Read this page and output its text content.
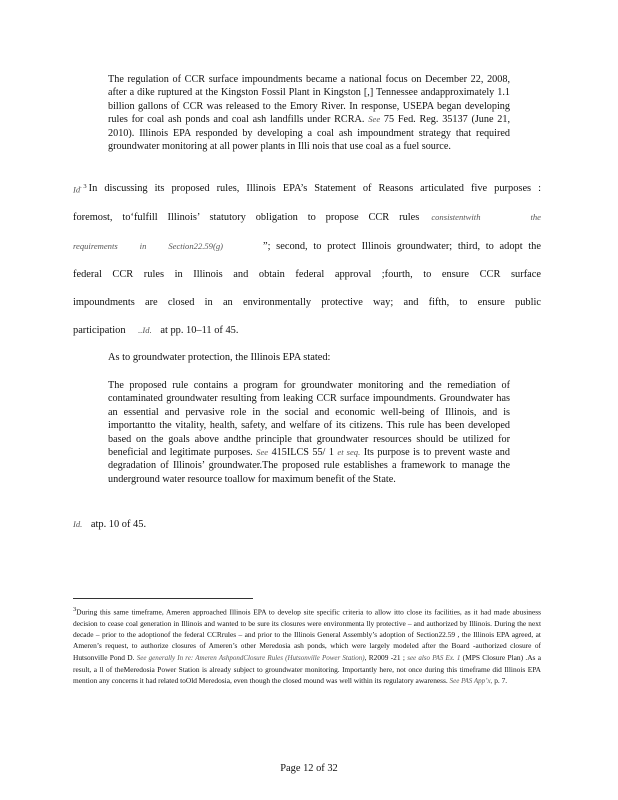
The regulation of CCR surface impoundments became a national focus on December 22, 2008, after a dike ruptured at the Kingston Fossil Plant in Kingston [,] Tennessee andapproximately 1.1 billion gallons of CCR was released to the Emory River. In response, USEPA began developing rules for coal ash ponds and coal ash landfills under RCRA. See 75 Fed. Reg. 35137 (June 21, 2010). Illinois EPA responded by developing a coal ash impoundment strategy that required groundwater monitoring at all power plants in Illi nois that use coal as a fuel source.
$Id^{. 3}$ In discussing its proposed rules, Illinois EPA’s Statement of Reasons articulated five purposes :
foremost, to‘fulfill Illinois’ statutory obligation to propose CCR rules consistentwith	the
requirements in Section22.59(g)	”; second, to protect Illinois groundwater; third, to adopt the
federal CCR rules in Illinois and obtain federal approval ;fourth, to ensure CCR surface
impoundments are closed in an environmentally protective way; and fifth, to ensure public
participation ..Id. at pp. 10–11 of 45.
As to groundwater protection, the Illinois EPA stated:
The proposed rule contains a program for groundwater monitoring and the remediation of contaminated groundwater resulting from leaking CCR surface impoundments. Groundwater has an essential and pervasive role in the social and economic well-being of Illinois, and is importantto the vitality, health, safety, and welfare of its citizens. This rule has been developed based on the goals above andthe principle that groundwater resources should be utilized for beneficial and legitimate purposes. See 415ILCS 55/ 1 et seq. Its purpose is to prevent waste and degradation of Illinois’ groundwater.The proposed rule establishes a framework to manage the underground water resource toallow for maximum benefit of the State.
Id. atp. 10 of 45.
3During this same timeframe, Ameren approached Illinois EPA to develop site specific criteria to allow itto close its facilities, as it had made abusiness decision to cease coal generation in Illinois and wanted to be sure its closures were environmenta lly protective – and authorized by Illinois. During the next decade – prior to the adoptionof the federal CCRrules – and prior to the Illinois General Assembly’s adoption of Section22.59 , the Illinois EPA agreed, at Ameren’s request, to authorize closures of Ameren’s other Meredosia ash ponds, which were largely modeled after the Board -authorized closure of Hutsonville Pond D. See generally In re: Ameren AshpondClosure Rules (Hutsonville Power Station), R2009 -21 ; see also PAS Ex. 1 (MPS Closure Plan) .As a result, a ll of theMeredosia Power Station is already subject to groundwater monitoring. Importantly here, not once during this timeframe did Illinois EPA mention any concerns it had related toOld Meredosia, even though the closed mound was well within its regulatory awareness. See PAS App’x, p. 7.
Page 12 of 32
